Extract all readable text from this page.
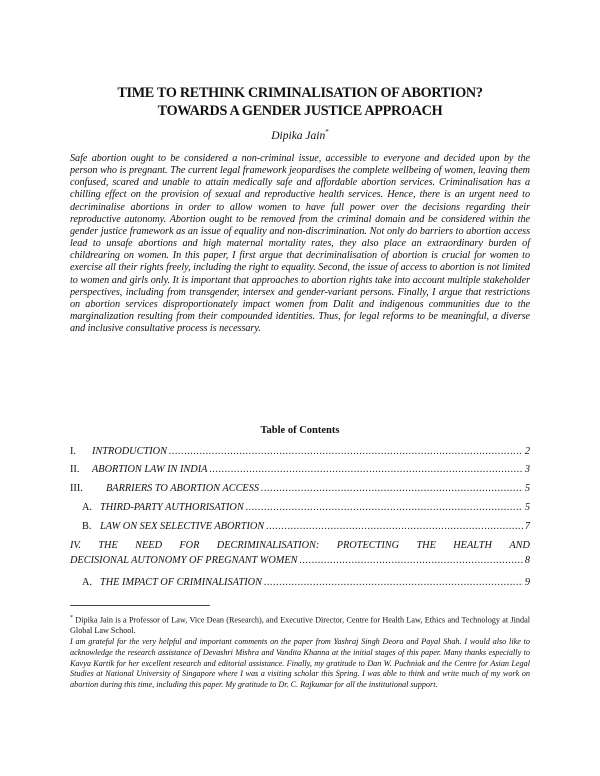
TIME TO RETHINK CRIMINALISATION OF ABORTION?
TOWARDS A GENDER JUSTICE APPROACH
Dipika Jain*

Safe abortion ought to be considered a non-criminal issue, accessible to everyone and decided upon by the person who is pregnant. The current legal framework jeopardises the complete wellbeing of women, leaving them confused, scared and unable to attain medically safe and affordable abortion services. Criminalisation has a chilling effect on the provision of sexual and reproductive health services. Hence, there is an urgent need to decriminalise abortions in order to allow women to have full power over the decisions regarding their reproductive autonomy. Abortion ought to be removed from the criminal domain and be considered within the gender justice framework as an issue of equality and non-discrimination. Not only do barriers to abortion access lead to unsafe abortions and high maternal mortality rates, they also place an extraordinary burden of childrearing on women. In this paper, I first argue that decriminalisation of abortion is crucial for women to exercise all their rights freely, including the right to equality. Second, the issue of access to abortion is not limited to women and girls only. It is important that approaches to abortion rights take into account multiple stakeholder perspectives, including from transgender, intersex and gender-variant persons. Finally, I argue that restrictions on abortion services disproportionately impact women from Dalit and indigenous communities due to the marginalization resulting from their compounded identities. Thus, for legal reforms to be meaningful, a diverse and inclusive consultative process is necessary.

Table of Contents
I.	INTRODUCTION .....	2
II.	ABORTION LAW IN INDIA .....	3
III.	BARRIERS TO ABORTION ACCESS .....	5
A. THIRD-PARTY AUTHORISATION .....	5
B. LAW ON SEX SELECTIVE ABORTION .....	7
IV. THE NEED FOR DECRIMINALISATION: PROTECTING THE HEALTH AND
DECISIONAL AUTONOMY OF PREGNANT WOMEN .....	8
A. THE IMPACT OF CRIMINALISATION .....	9
* Dipika Jain is a Professor of Law, Vice Dean (Research), and Executive Director, Centre for Health Law, Ethics and Technology at Jindal Global Law School.
I am grateful for the very helpful and important comments on the paper from Yashraj Singh Deora and Payal Shah. I would also like to acknowledge the research assistance of Devashri Mishra and Vandita Khanna at the initial stages of this paper. Many thanks especially to Kavya Kartik for her excellent research and editorial assistance. Finally, my gratitude to Dan W. Puchniak and the Centre for Asian Legal Studies at National University of Singapore where I was a visiting scholar this Spring. I was able to think and write much of my work on abortion during this time, including this paper. My gratitude to Dr. C. Rajkumar for all the institutional support.
